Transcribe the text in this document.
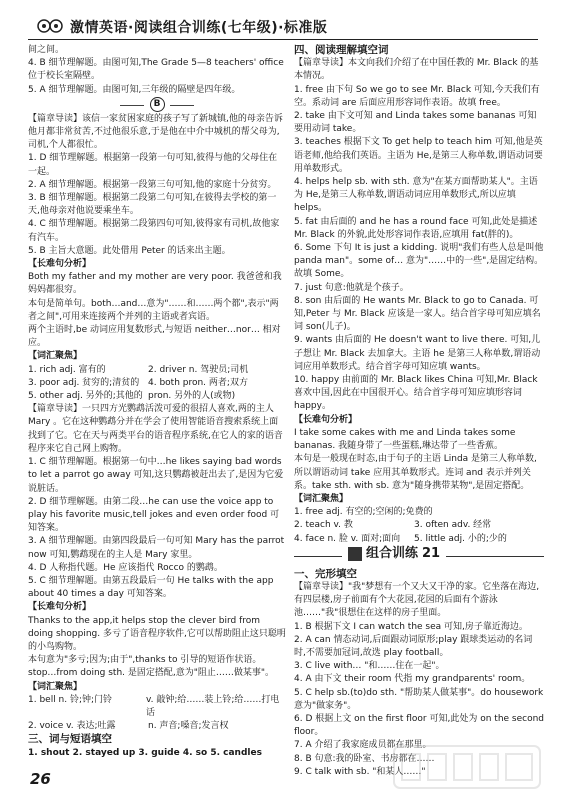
激情英语·阅读组合训练(七年级)·标准版
间之间。
4. B 细节理解题。由图可知,The Grade 5—8 teachers' office 位于校长室隔壁。
5. A 细节理解题。由图可知,三年级的隔壁是四年级。
B
【篇章导读】该信一家贫困家庭的孩子写了新城镇,他的母亲告诉他月都非常贫苦,不过他很乐意,于是他在中介中城机的帮父母为,司机,个人都很忙。
1. D 细节理解题。根据第一段第一句可知,彼得与他的父母住在一起。
2. A 细节理解题。根据第一段第三句可知,他的家庭十分贫穷。
3. B 细节理解题。根据第二段第二句可知,在彼得去学校的第一天,他母亲对他说要乘坐车。
4. C 细节理解题。根据第二段第四句可知,彼得家有司机,故他家有汽车。
5. B 主旨大意题。此处借用 Peter 的话来出主题。
【长难句分析】
Both my father and my mother are very poor. 我爸爸和我妈妈都很穷。
本句是简单句。both…and…意为"……和……两个都",表示"两者之间",可用来连接两个并列的主语或者宾语。
两个主语时,be 动词应用复数形式,与短语 neither…nor… 相对应。
【词汇聚焦】
1. rich adj. 富有的	2. driver n. 驾驶员;司机
3. poor adj. 贫穷的;清贫的 4. both pron. 两者;双方
5. other adj. 另外的;其他的 pron. 另外的人(或物)
【篇章导读】一只四方光鹦鹉活泼可爱的很招人喜欢,两的主人 Mary 。它在这种鹦鹉分并在学会了使用智能语音搜索系统上面找到了它。它在天与两类平台的语音程序系统,在它人的家的语音程序来它自己网上购物。
1. C 细节理解题。根据第一句中…he likes saying bad words to let a parrot go away 可知,这只鹦鹉被赶出去了,是因为它爱说脏话。
2. D 细节理解题。由第二段…he can use the voice app to play his favorite music,tell jokes and even order food 可知答案。
3. A 细节理解题。由第四段最后一句可知 Mary has the parrot now 可知,鹦鹉现在的主人是 Mary 家里。
4. D 人称指代题。He 应该指代 Rocco 的鹦鹉。
5. C 细节理解题。由第五段最后一句 He talks with the app about 40 times a day 可知答案。
【长难句分析】
Thanks to the app,it helps stop the clever bird from doing shopping. 多亏了语音程序软件,它可以帮助阻止这只聪明的小鸟购物。
本句意为"多亏;因为;由于",thanks to 引导的短语作状语。stop…from doing sth. 是固定搭配,意为"阻止……做某事"。
【词汇聚焦】
1. bell n. 铃;钟;门铃	v. 敲钟;给……装上铃;给……打电话
2. voice v. 表达;吐露	n. 声音;嗓音;发言权
三、词与短语填空
1. shout 2. stayed up 3. guide 4. so 5. candles
四、阅读理解填空词
【篇章导读】本文向我们介绍了在中国任教的 Mr. Black 的基本情况。
1. free 由下句 So we go to see Mr. Black 可知,今天我们有空。系动词 are 后面应用形容词作表语。故填 free。
2. take 由下文可知 and Linda takes some bananas 可知要用动词 take。
3. teaches 根据下文 To get help to teach him 可知,他是英语老师,他给我们英语。主语为 He,是第三人称单数,谓语动词要用单数形式。
4. helps help sb. with sth. 意为"在某方面帮助某人"。主语为 He,是第三人称单数,谓语动词应用单数形式,所以应填 helps。
5. fat 由后面的 and he has a round face 可知,此处是描述 Mr. Black 的外貌,此处形容词作表语,应填用 fat(胖的)。
6. Some 下句 It is just a kidding. 说明"我们有些人总是叫他 panda man"。some of… 意为"……中的一些",是固定结构。故填 Some。
7. just 句意:他就是个孩子。
8. son 由后面的 He wants Mr. Black to go to Canada. 可知,Peter 与 Mr. Black 应该是一家人。结合首字母可知应填名词 son(儿子)。
9. wants 由后面的 He doesn't want to live there. 可知,儿子想让 Mr. Black 去加拿大。主语 he 是第三人称单数,谓语动词应用单数形式。结合首字母可知应填 wants。
10. happy 由前面的 Mr. Black likes China 可知,Mr. Black 喜欢中国,因此在中国很开心。结合首字母可知应填形容词 happy。
【长难句分析】
I take some cakes with me and Linda takes some bananas. 我随身带了一些蛋糕,琳达带了一些香蕉。
本句是一般现在时态,由于句子的主语 Linda 是第三人称单数,所以谓语动词 take 应用其单数形式。连词 and 表示并列关系。take sth. with sb. 意为"随身携带某物",是固定搭配。
【词汇聚焦】
1. free adj. 有空的;空闲的;免费的
2. teach v. 教	3. often adv. 经常
4. face n. 脸 v. 面对;面向	5. little adj. 小的;少的
组合训练 21
一、完形填空
【篇章导读】"我"梦想有一个又大又干净的家。它坐落在海边,有四层楼,房子前面有个大花园,花园的后面有个游泳池……"我"很想住在这样的房子里面。
1. B 根据下文 I can watch the sea 可知,房子靠近海边。
2. A can 情态动词,后面跟动词原形;play 跟球类运动的名词时,不需要加冠词,故选 play football。
3. C live with… "和……住在一起"。
4. A 由下文 their room 代指 my grandparents' room。
5. C help sb.(to)do sth. "帮助某人做某事"。do housework 意为"做家务"。
6. D 根据上文 on the first floor 可知,此处为 on the second floor。
7. A 介绍了我家庭成员都在那里。
8. B 句意:我的卧室、书房都在……
9. C talk with sb. "和某人……"
26
